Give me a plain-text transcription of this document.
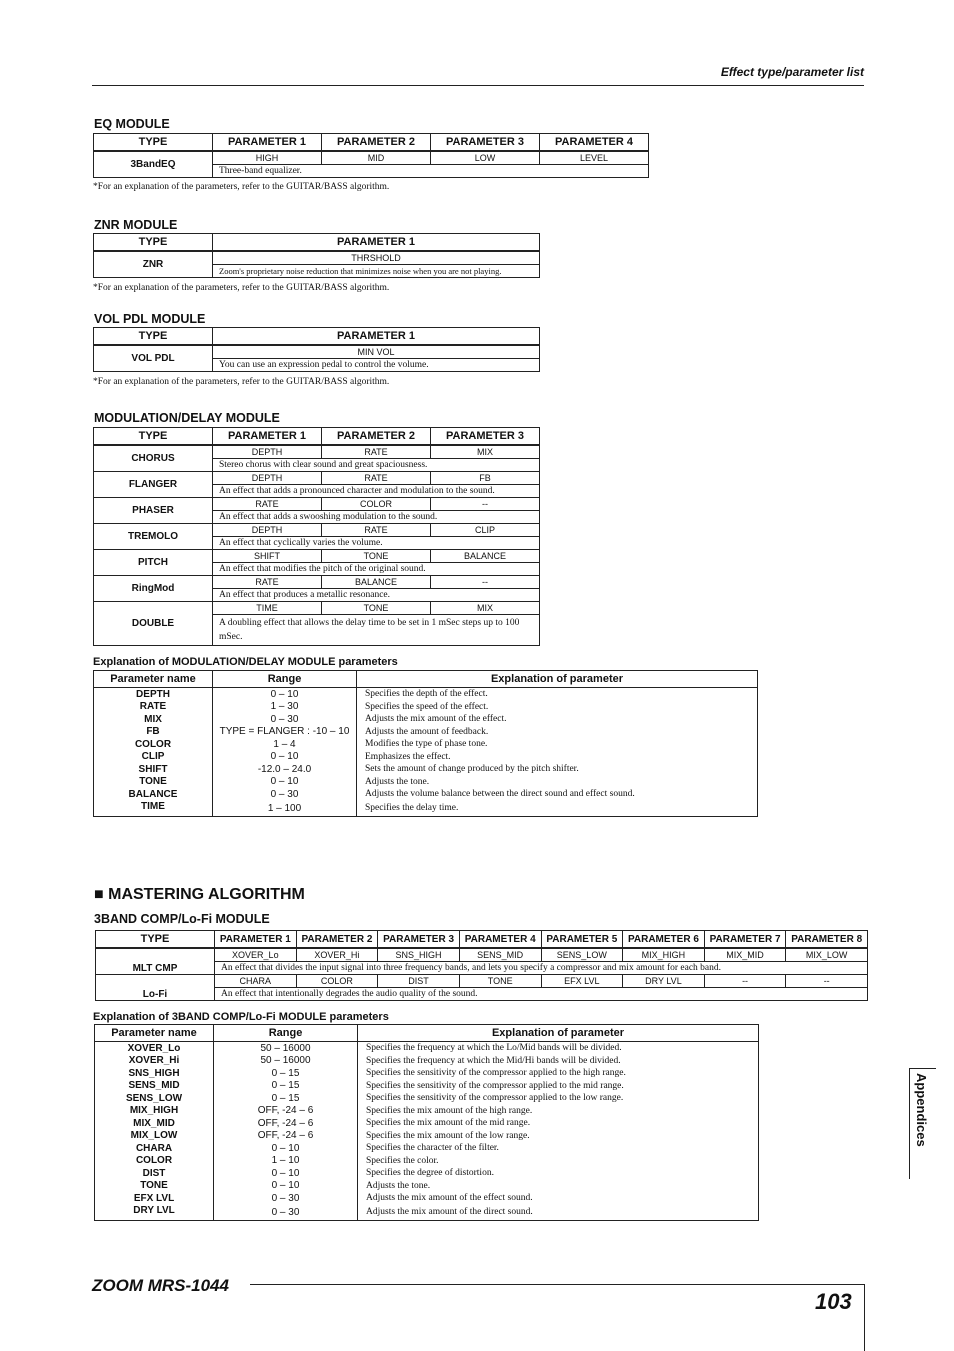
Effect type/parameter list
EQ MODULE
TYPE	PARAMETER 1	PARAMETER 2	PARAMETER 3	PARAMETER 4
3BandEQ	HIGH	MID	LOW	LEVEL
	Three-band equalizer.			
*For an explanation of the parameters, refer to the GUITAR/BASS algorithm.
ZNR MODULE
TYPE	PARAMETER 1
ZNR	THRSHOLD
	Zoom's proprietary noise reduction that minimizes noise when you are not playing.
*For an explanation of the parameters, refer to the GUITAR/BASS algorithm.
VOL PDL MODULE
TYPE	PARAMETER 1
VOL PDL	MIN VOL
	You can use an expression pedal to control the volume.
*For an explanation of the parameters, refer to the GUITAR/BASS algorithm.
MODULATION/DELAY MODULE
TYPE	PARAMETER 1	PARAMETER 2	PARAMETER 3
CHORUS	DEPTH	RATE	MIX
	Stereo chorus with clear sound and great spaciousness.		
FLANGER	DEPTH	RATE	FB
	An effect that adds a pronounced character and modulation to the sound.		
PHASER	RATE	COLOR	--
	An effect that adds a swooshing modulation to the sound.		
TREMOLO	DEPTH	RATE	CLIP
	An effect that cyclically varies the volume.		
PITCH	SHIFT	TONE	BALANCE
	An effect that modifies the pitch of the original sound.		
RingMod	RATE	BALANCE	--
	An effect that produces a metallic resonance.		
DOUBLE	TIME	TONE	MIX
	A doubling effect that allows the delay time to be set in 1 mSec steps up to 100 mSec.		
Explanation of MODULATION/DELAY MODULE parameters
Parameter name	Range	Explanation of parameter
DEPTH	0 – 10	Specifies the depth of the effect.
RATE	1 – 30	Specifies the speed of the effect.
MIX	0 – 30	Adjusts the mix amount of the effect.
FB	TYPE = FLANGER : -10 – 10	Adjusts the amount of feedback.
COLOR	1 – 4	Modifies the type of phase tone.
CLIP	0 – 10	Emphasizes the effect.
SHIFT	-12.0 – 24.0	Sets the amount of change produced by the pitch shifter.
TONE	0 – 10	Adjusts the tone.
BALANCE	0 – 30	Adjusts the volume balance between the direct sound and effect sound.
TIME	1 – 100	Specifies the delay time.
■ MASTERING ALGORITHM
3BAND COMP/Lo-Fi MODULE
TYPE	PARAMETER 1	PARAMETER 2	PARAMETER 3	PARAMETER 4	PARAMETER 5	PARAMETER 6	PARAMETER 7	PARAMETER 8
MLT CMP	XOVER_Lo	XOVER_Hi	SNS_HIGH	SENS_MID	SENS_LOW	MIX_HIGH	MIX_MID	MIX_LOW
	An effect that divides the input signal into three frequency bands, and lets you specify a compressor and mix amount for each band.							
Lo-Fi	CHARA	COLOR	DIST	TONE	EFX LVL	DRY LVL	--	--
	An effect that intentionally degrades the audio quality of the sound.							
Explanation of 3BAND COMP/Lo-Fi MODULE parameters
Parameter name	Range	Explanation of parameter
XOVER_Lo	50 – 16000	Specifies the frequency at which the Lo/Mid bands will be divided.
XOVER_Hi	50 – 16000	Specifies the frequency at which the Mid/Hi bands will be divided.
SNS_HIGH	0 – 15	Specifies the sensitivity of the compressor applied to the high range.
SENS_MID	0 – 15	Specifies the sensitivity of the compressor applied to the mid range.
SENS_LOW	0 – 15	Specifies the sensitivity of the compressor applied to the low range.
MIX_HIGH	OFF, -24 – 6	Specifies the mix amount of the high range.
MIX_MID	OFF, -24 – 6	Specifies the mix amount of the mid range.
MIX_LOW	OFF, -24 – 6	Specifies the mix amount of the low range.
CHARA	0 – 10	Specifies the character of the filter.
COLOR	1 – 10	Specifies the color.
DIST	0 – 10	Specifies the degree of distortion.
TONE	0 – 10	Adjusts the tone.
EFX LVL	0 – 30	Adjusts the mix amount of the effect sound.
DRY LVL	0 – 30	Adjusts the mix amount of the direct sound.
Appendices
ZOOM MRS-1044
103
